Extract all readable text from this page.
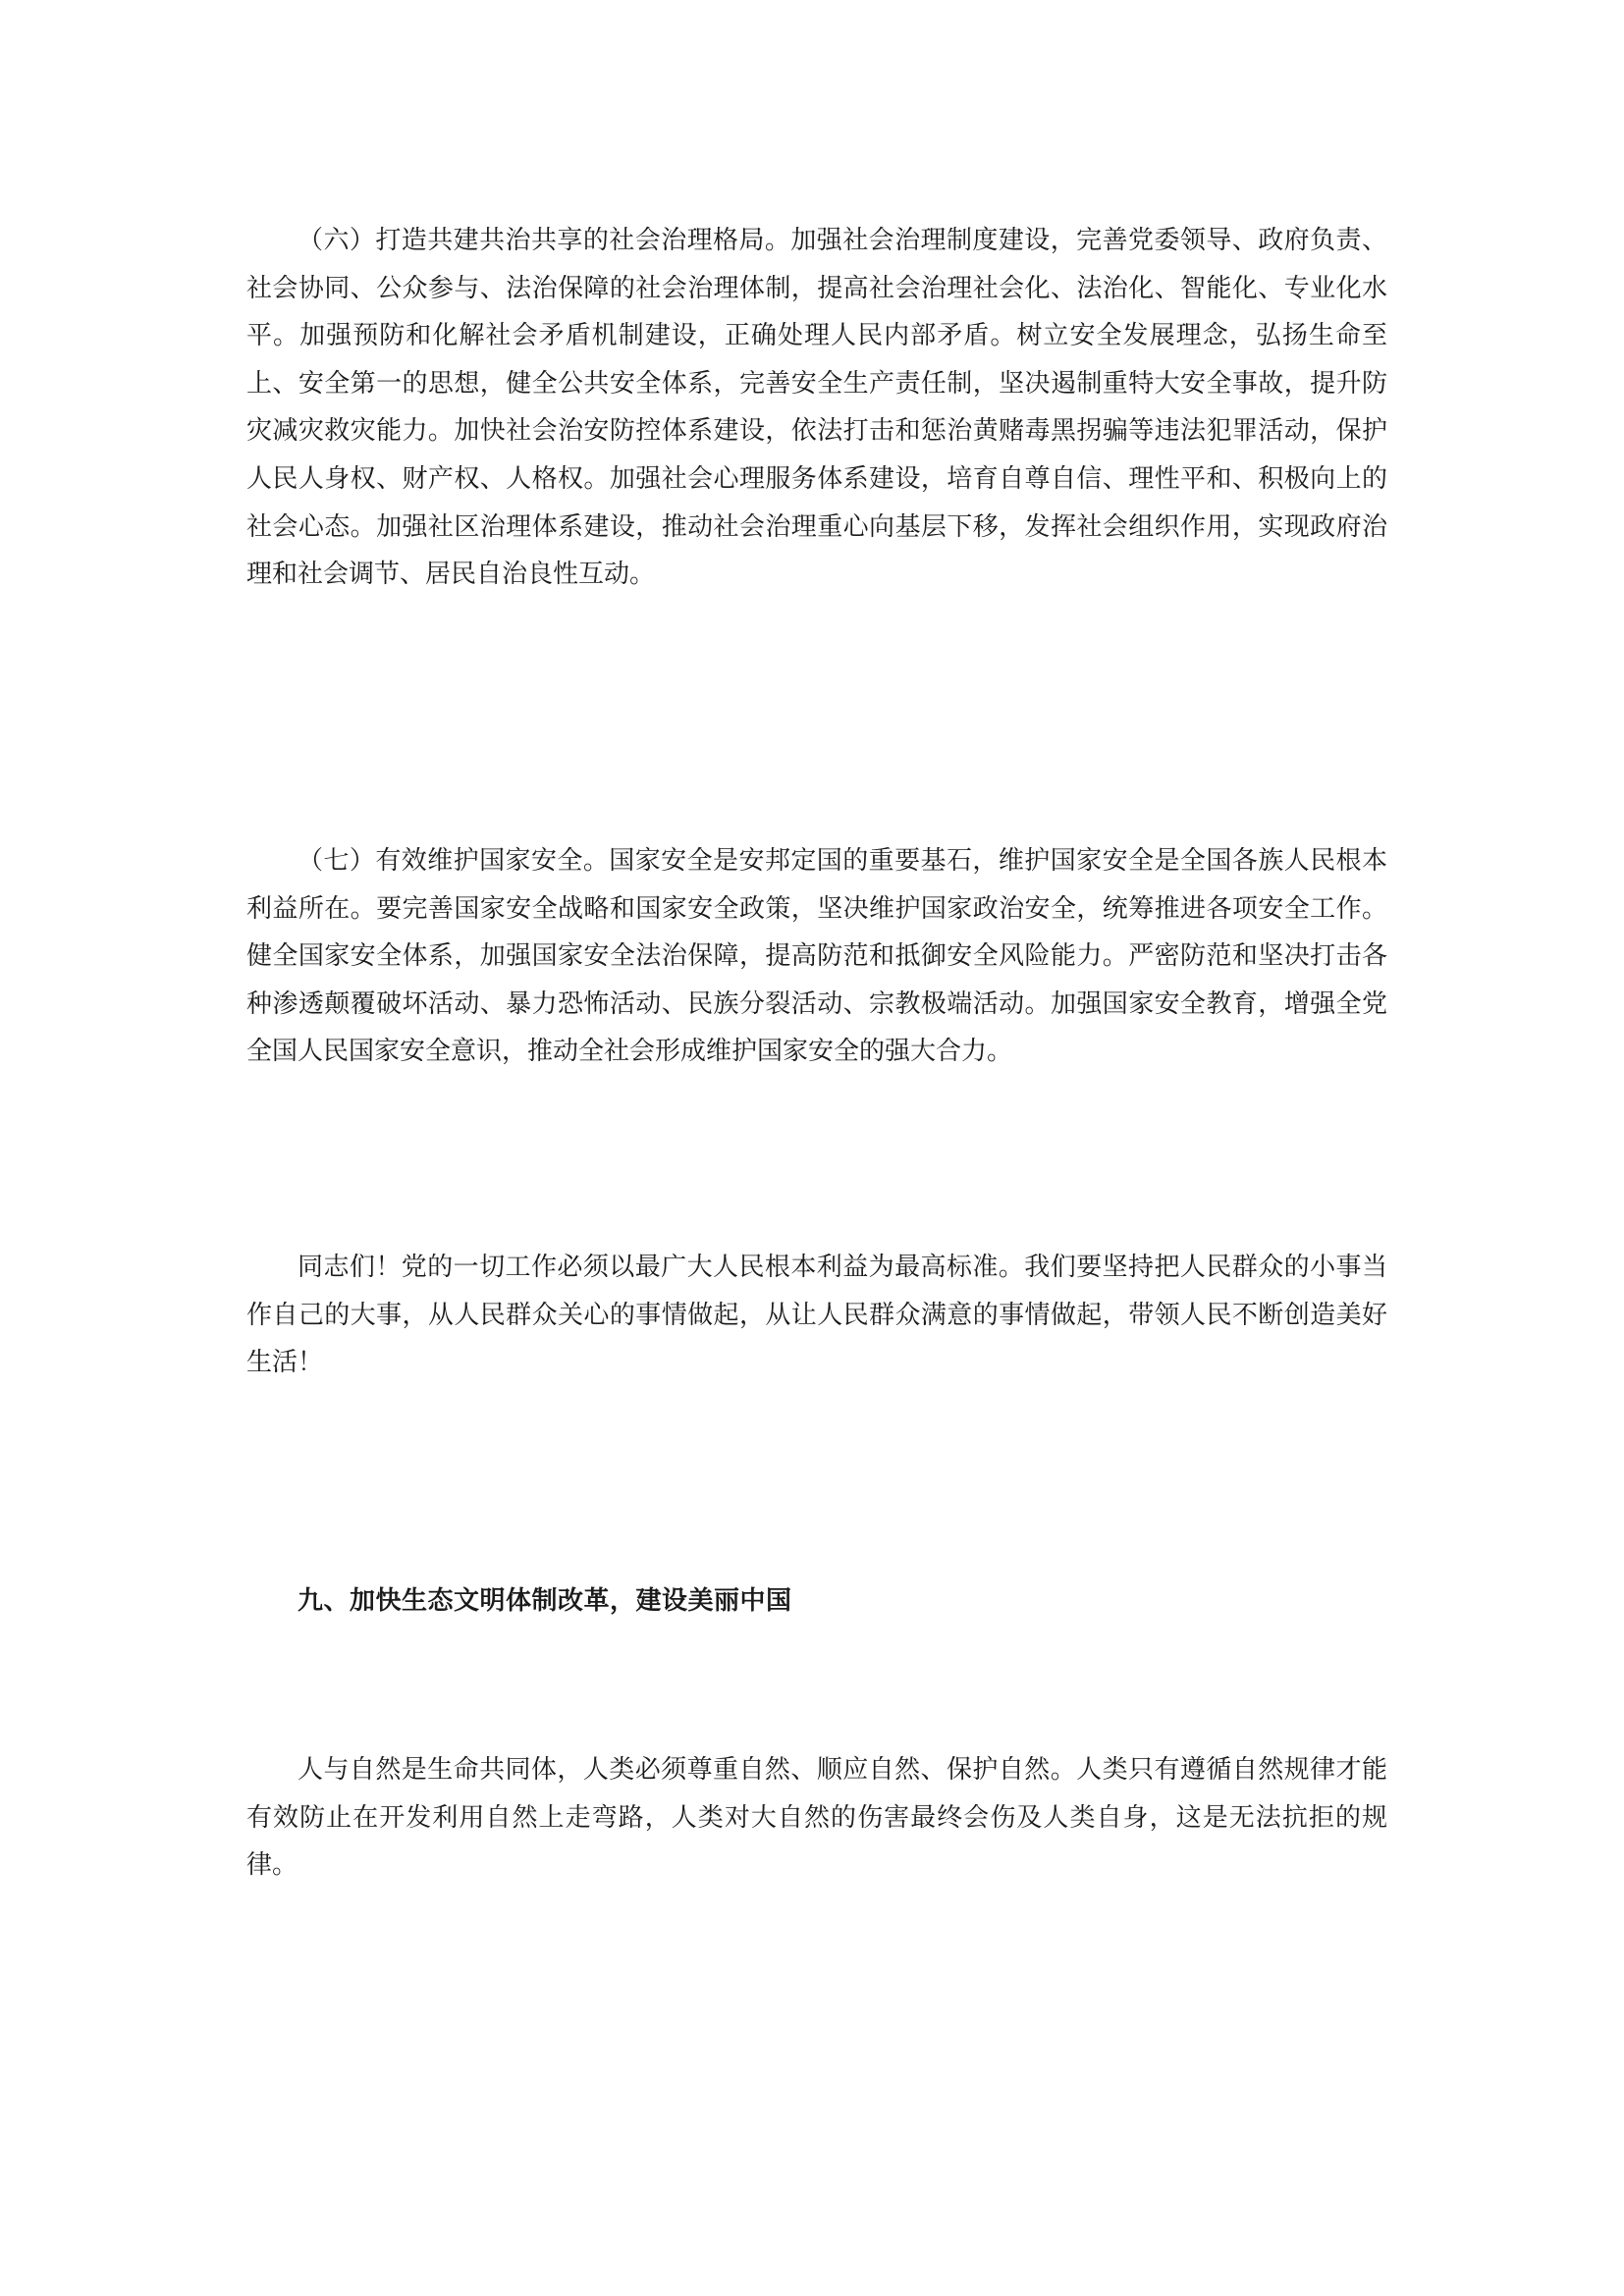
（六）打造共建共治共享的社会治理格局。加强社会治理制度建设，完善党委领导、政府负责、社会协同、公众参与、法治保障的社会治理体制，提高社会治理社会化、法治化、智能化、专业化水平。加强预防和化解社会矛盾机制建设，正确处理人民内部矛盾。树立安全发展理念，弘扬生命至上、安全第一的思想，健全公共安全体系，完善安全生产责任制，坚决遏制重特大安全事故，提升防灾减灾救灾能力。加快社会治安防控体系建设，依法打击和惩治黄赌毒黑拐骗等违法犯罪活动，保护人民人身权、财产权、人格权。加强社会心理服务体系建设，培育自尊自信、理性平和、积极向上的社会心态。加强社区治理体系建设，推动社会治理重心向基层下移，发挥社会组织作用，实现政府治理和社会调节、居民自治良性互动。

（七）有效维护国家安全。国家安全是安邦定国的重要基石，维护国家安全是全国各族人民根本利益所在。要完善国家安全战略和国家安全政策，坚决维护国家政治安全，统筹推进各项安全工作。健全国家安全体系，加强国家安全法治保障，提高防范和抵御安全风险能力。严密防范和坚决打击各种渗透颠覆破坏活动、暴力恐怖活动、民族分裂活动、宗教极端活动。加强国家安全教育，增强全党全国人民国家安全意识，推动全社会形成维护国家安全的强大合力。

同志们！党的一切工作必须以最广大人民根本利益为最高标准。我们要坚持把人民群众的小事当作自己的大事，从人民群众关心的事情做起，从让人民群众满意的事情做起，带领人民不断创造美好生活！

九、加快生态文明体制改革，建设美丽中国

人与自然是生命共同体，人类必须尊重自然、顺应自然、保护自然。人类只有遵循自然规律才能有效防止在开发利用自然上走弯路，人类对大自然的伤害最终会伤及人类自身，这是无法抗拒的规律。
